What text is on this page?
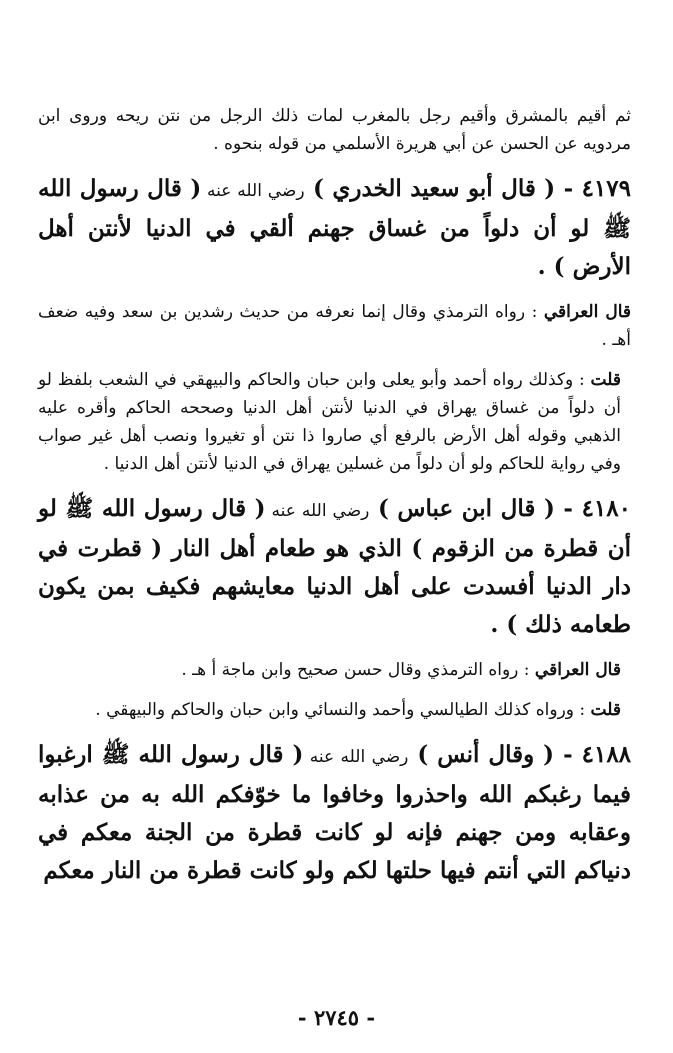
ثم أقيم بالمشرق وأقيم رجل بالمغرب لمات ذلك الرجل من نتن ريحه وروى ابن مردويه عن الحسن عن أبي هريرة الأسلمي من قوله بنحوه .

٤١٧٩ - ( قال أبو سعيد الخدري ) رضي الله عنه ( قال رسول الله ﷺ لو أن دلواً من غساق جهنم ألقي في الدنيا لأنتن أهل الأرض ) .

قال العراقي : رواه الترمذي وقال إنما نعرفه من حديث رشدين بن سعد وفيه ضعف أهـ .

قلت : وكذلك رواه أحمد وأبو يعلى وابن حبان والحاكم والبيهقي في الشعب بلفظ لو أن دلواً من غساق يهراق في الدنيا لأنتن أهل الدنيا وصححه الحاكم وأقره عليه الذهبي وقوله أهل الأرض بالرفع أي صاروا ذا نتن أو تغيروا ونصب أهل غير صواب وفي رواية للحاكم ولو أن دلواً من غسلين يهراق في الدنيا لأنتن أهل الدنيا .

٤١٨٠ - ( قال ابن عباس ) رضي الله عنه ( قال رسول الله ﷺ لو أن قطرة من الزقوم ) الذي هو طعام أهل النار ( قطرت في دار الدنيا أفسدت على أهل الدنيا معايشهم فكيف بمن يكون طعامه ذلك ) .

قال العراقي : رواه الترمذي وقال حسن صحيح وابن ماجة أ هـ .

قلت : ورواه كذلك الطيالسي وأحمد والنسائي وابن حبان والحاكم والبيهقي .

٤١٨٨ - ( وقال أنس ) رضي الله عنه ( قال رسول الله ﷺ ارغبوا فيما رغبكم الله واحذروا وخافوا ما خوّفكم الله به من عذابه وعقابه ومن جهنم فإنه لو كانت قطرة من الجنة معكم في دنياكم التي أنتم فيها حلتها لكم ولو كانت قطرة من النار معكم

- ٢٧٤٥ -
